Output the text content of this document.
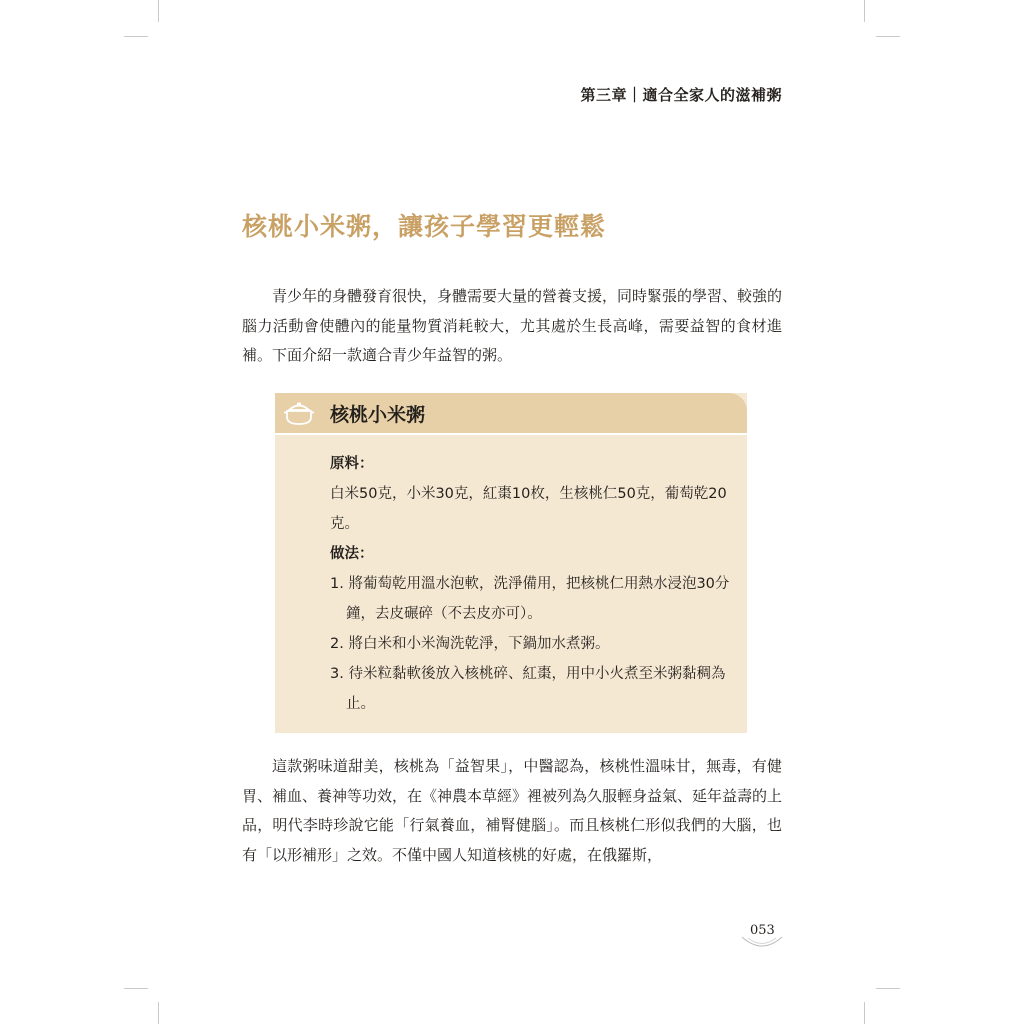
第三章｜適合全家人的滋補粥
核桃小米粥，讓孩子學習更輕鬆

青少年的身體發育很快，身體需要大量的營養支援，同時緊張的學習、較強的腦力活動會使體內的能量物質消耗較大，尤其處於生長高峰，需要益智的食材進補。下面介紹一款適合青少年益智的粥。

核桃小米粥

原料：

白米50克，小米30克，紅棗10枚，生核桃仁50克，葡萄乾20克。

做法：

1. 將葡萄乾用溫水泡軟，洗淨備用，把核桃仁用熱水浸泡30分鐘，去皮碾碎（不去皮亦可）。

2. 將白米和小米淘洗乾淨，下鍋加水煮粥。

3. 待米粒黏軟後放入核桃碎、紅棗，用中小火煮至米粥黏稠為止。

這款粥味道甜美，核桃為「益智果」，中醫認為，核桃性溫味甘，無毒，有健胃、補血、養神等功效，在《神農本草經》裡被列為久服輕身益氣、延年益壽的上品，明代李時珍說它能「行氣養血，補腎健腦」。而且核桃仁形似我們的大腦，也有「以形補形」之效。不僅中國人知道核桃的好處，在俄羅斯，

053
